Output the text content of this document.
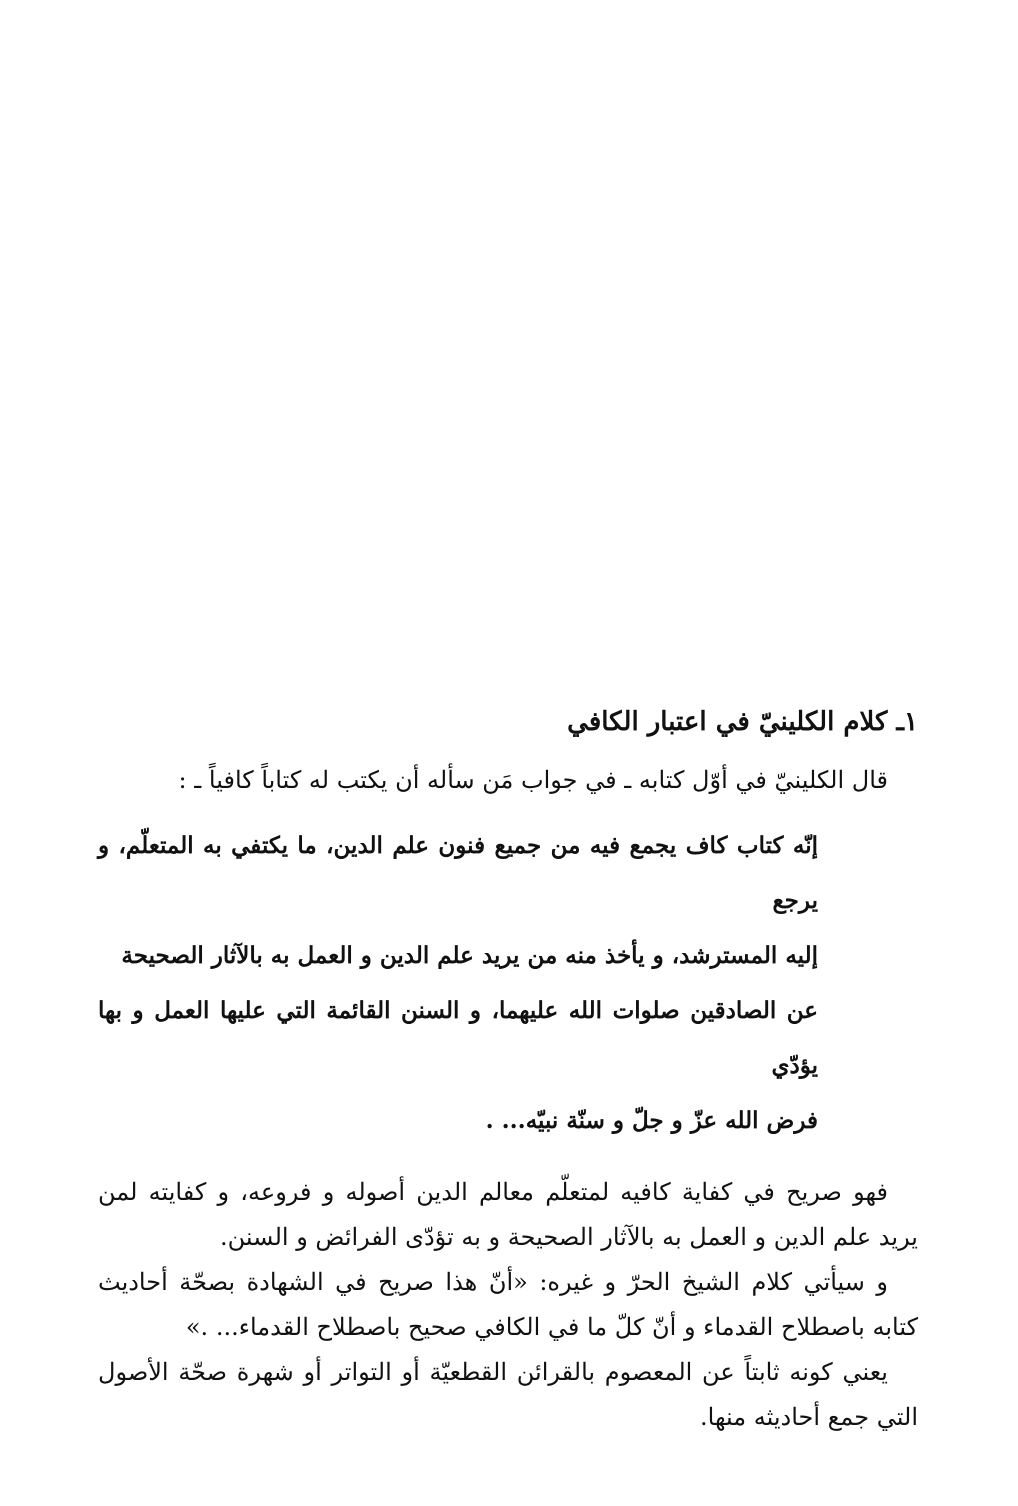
١ـ كلام الكلينيّ في اعتبار الكافي

قال الكلينيّ في أوّل كتابه ـ في جواب مَن سأله أن يكتب له كتاباً كافياً ـ :

إنّه كتاب كاف يجمع فيه من جميع فنون علم الدين، ما يكتفي به المتعلّم، و يرجع
إليه المسترشد، و يأخذ منه من يريد علم الدين و العمل به بالآثار الصحيحة
عن الصادقين صلوات الله عليهما، و السنن القائمة التي عليها العمل و بها يؤدّي
فرض الله عزّ و جلّ و سنّة نبيّه... .

فهو صريح في كفاية كافيه لمتعلّم معالم الدين أصوله و فروعه، و كفايته لمن يريد علم الدين و العمل به بالآثار الصحيحة و به تؤدّى الفرائض و السنن.

و سيأتي كلام الشيخ الحرّ و غيره: «أنّ هذا صريح في الشهادة بصحّة أحاديث كتابه باصطلاح القدماء و أنّ كلّ ما في الكافي صحيح باصطلاح القدماء... .»

يعني كونه ثابتاً عن المعصوم بالقرائن القطعيّة أو التواتر أو شهرة صحّة الأصول التي جمع أحاديثه منها.
